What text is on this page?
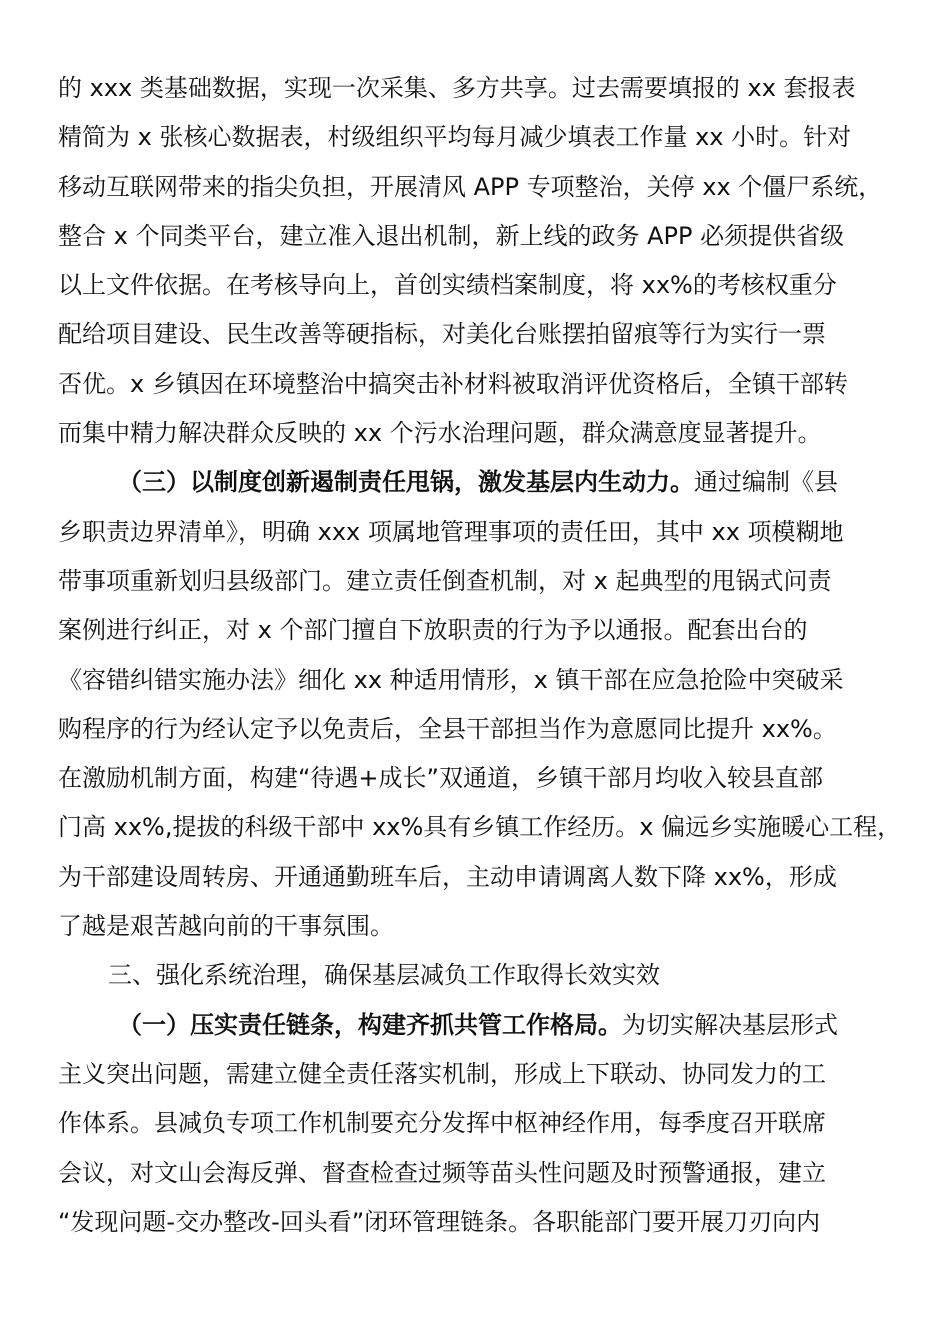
的 xxx 类基础数据，实现一次采集、多方共享。过去需要填报的 xx 套报表
精简为 x 张核心数据表，村级组织平均每月减少填表工作量 xx 小时。针对
移动互联网带来的指尖负担，开展清风 APP 专项整治，关停 xx 个僵尸系统，
整合 x 个同类平台，建立准入退出机制，新上线的政务 APP 必须提供省级
以上文件依据。在考核导向上，首创实绩档案制度，将 xx%的考核权重分
配给项目建设、民生改善等硬指标，对美化台账摆拍留痕等行为实行一票
否优。x 乡镇因在环境整治中搞突击补材料被取消评优资格后，全镇干部转
而集中精力解决群众反映的 xx 个污水治理问题，群众满意度显著提升。
（三）以制度创新遏制责任甩锅，激发基层内生动力。通过编制《县
乡职责边界清单》，明确 xxx 项属地管理事项的责任田，其中 xx 项模糊地
带事项重新划归县级部门。建立责任倒查机制，对 x 起典型的甩锅式问责
案例进行纠正，对 x 个部门擅自下放职责的行为予以通报。配套出台的
《容错纠错实施办法》细化 xx 种适用情形，x 镇干部在应急抢险中突破采
购程序的行为经认定予以免责后，全县干部担当作为意愿同比提升 xx%。
在激励机制方面，构建“待遇+成长”双通道，乡镇干部月均收入较县直部
门高 xx%,提拔的科级干部中 xx%具有乡镇工作经历。x 偏远乡实施暖心工程，
为干部建设周转房、开通通勤班车后，主动申请调离人数下降 xx%，形成
了越是艰苦越向前的干事氛围。
三、强化系统治理，确保基层减负工作取得长效实效
（一）压实责任链条，构建齐抓共管工作格局。为切实解决基层形式
主义突出问题，需建立健全责任落实机制，形成上下联动、协同发力的工
作体系。县减负专项工作机制要充分发挥中枢神经作用，每季度召开联席
会议，对文山会海反弹、督查检查过频等苗头性问题及时预警通报，建立
“发现问题-交办整改-回头看”闭环管理链条。各职能部门要开展刀刃向内
